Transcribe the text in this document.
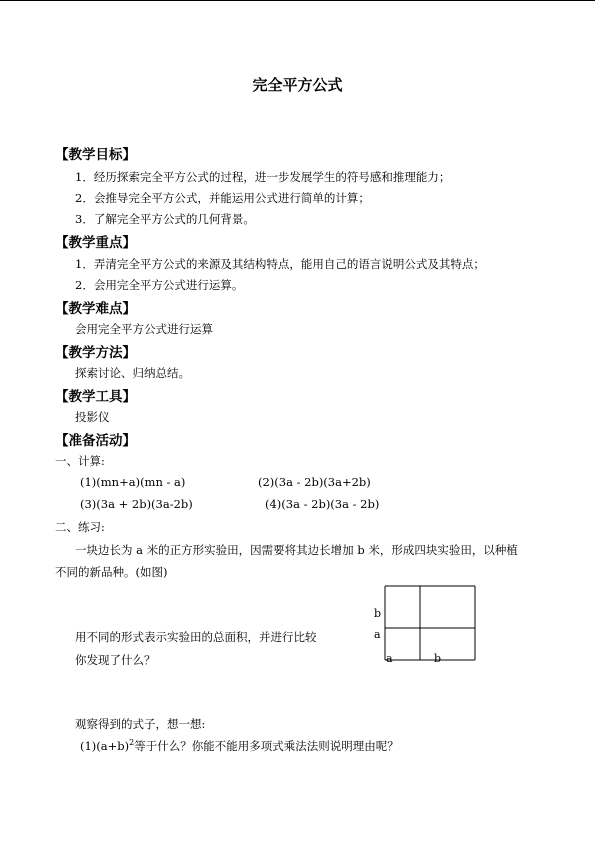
完全平方公式
【教学目标】
1．经历探索完全平方公式的过程，进一步发展学生的符号感和推理能力；
2．会推导完全平方公式，并能运用公式进行简单的计算；
3．了解完全平方公式的几何背景。
【教学重点】
1．弄清完全平方公式的来源及其结构特点，能用自己的语言说明公式及其特点；
2．会用完全平方公式进行运算。
【教学难点】
会用完全平方公式进行运算
【教学方法】
探索讨论、归纳总结。
【教学工具】
投影仪
【准备活动】
一、计算:
(1)(mn+a)(mn - a)	(2)(3a - 2b)(3a+2b)
(3)(3a + 2b)(3a-2b)	(4)(3a - 2b)(3a - 2b)
二、练习:
一块边长为 a 米的正方形实验田，因需要将其边长增加 b 米，形成四块实验田，以种植
不同的新品种。(如图)
用不同的形式表示实验田的总面积，并进行比较
你发现了什么？
b
a
a	b
观察得到的式子，想一想:
$(1)(a+b)^2$等于什么？你能不能用多项式乘法法则说明理由呢？
